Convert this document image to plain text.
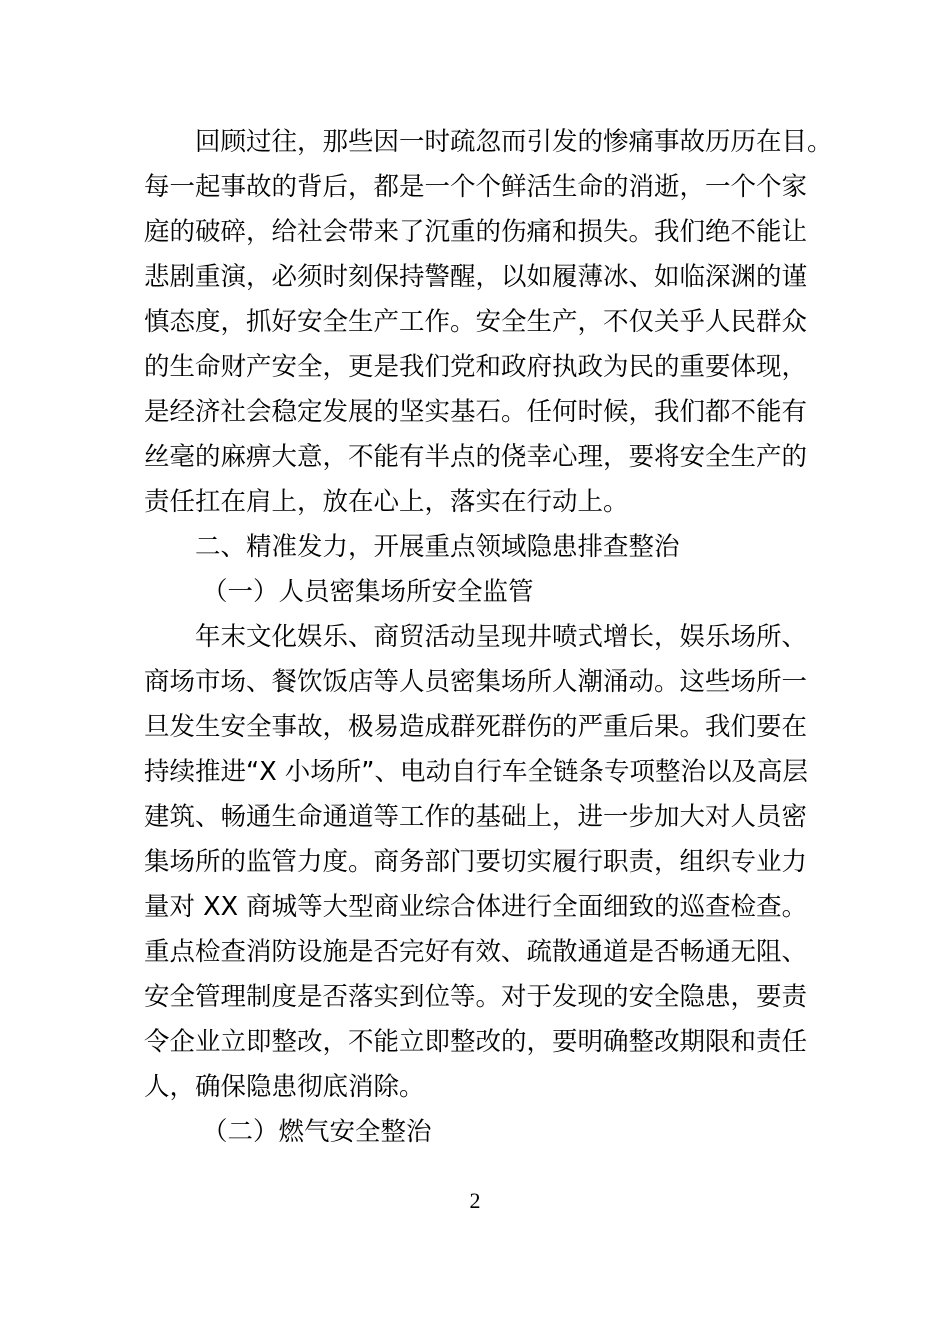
回顾过往，那些因一时疏忽而引发的惨痛事故历历在目。
每一起事故的背后，都是一个个鲜活生命的消逝，一个个家
庭的破碎，给社会带来了沉重的伤痛和损失。我们绝不能让
悲剧重演，必须时刻保持警醒，以如履薄冰、如临深渊的谨
慎态度，抓好安全生产工作。安全生产，不仅关乎人民群众
的生命财产安全，更是我们党和政府执政为民的重要体现，
是经济社会稳定发展的坚实基石。任何时候，我们都不能有
丝毫的麻痹大意，不能有半点的侥幸心理，要将安全生产的
责任扛在肩上，放在心上，落实在行动上。
二、精准发力，开展重点领域隐患排查整治
（一）人员密集场所安全监管
年末文化娱乐、商贸活动呈现井喷式增长，娱乐场所、
商场市场、餐饮饭店等人员密集场所人潮涌动。这些场所一
旦发生安全事故，极易造成群死群伤的严重后果。我们要在
持续推进“X 小场所”、电动自行车全链条专项整治以及高层
建筑、畅通生命通道等工作的基础上，进一步加大对人员密
集场所的监管力度。商务部门要切实履行职责，组织专业力
量对 XX 商城等大型商业综合体进行全面细致的巡查检查。
重点检查消防设施是否完好有效、疏散通道是否畅通无阻、
安全管理制度是否落实到位等。对于发现的安全隐患，要责
令企业立即整改，不能立即整改的，要明确整改期限和责任
人，确保隐患彻底消除。
（二）燃气安全整治
2
